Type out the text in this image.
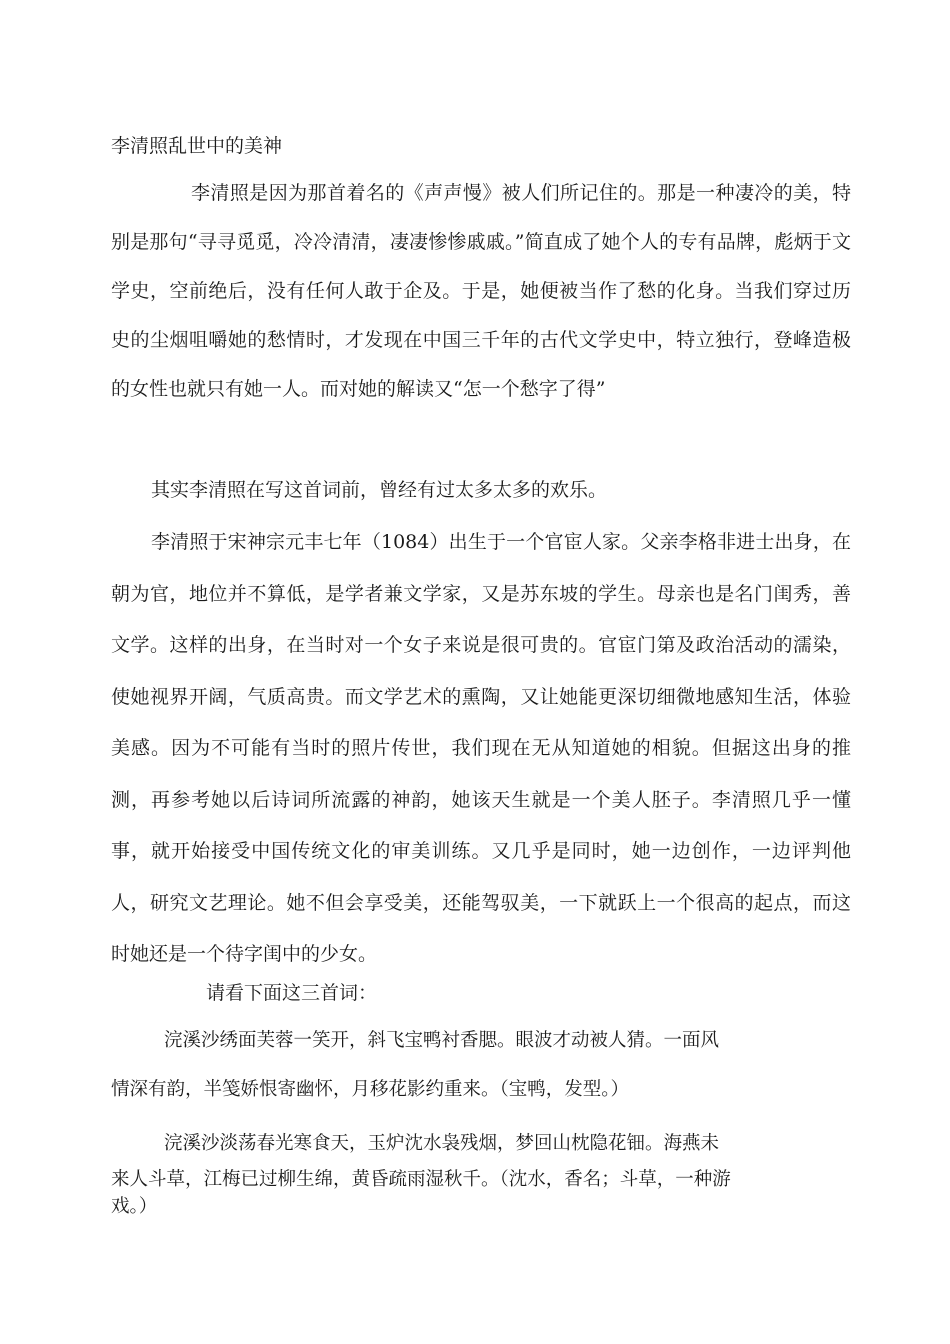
李清照乱世中的美神

李清照是因为那首着名的《声声慢》被人们所记住的。那是一种凄冷的美，特别是那句“寻寻觅觅，冷冷清清，凄凄惨惨戚戚。”简直成了她个人的专有品牌，彪炳于文学史，空前绝后，没有任何人敢于企及。于是，她便被当作了愁的化身。当我们穿过历史的尘烟咀嚼她的愁情时，才发现在中国三千年的古代文学史中，特立独行，登峰造极的女性也就只有她一人。而对她的解读又“怎一个愁字了得”

其实李清照在写这首词前，曾经有过太多太多的欢乐。

李清照于宋神宗元丰七年（1084）出生于一个官宦人家。父亲李格非进士出身，在朝为官，地位并不算低，是学者兼文学家，又是苏东坡的学生。母亲也是名门闺秀，善文学。这样的出身，在当时对一个女子来说是很可贵的。官宦门第及政治活动的濡染，使她视界开阔，气质高贵。而文学艺术的熏陶，又让她能更深切细微地感知生活，体验美感。因为不可能有当时的照片传世，我们现在无从知道她的相貌。但据这出身的推测，再参考她以后诗词所流露的神韵，她该天生就是一个美人胚子。李清照几乎一懂事，就开始接受中国传统文化的审美训练。又几乎是同时，她一边创作，一边评判他人，研究文艺理论。她不但会享受美，还能驾驭美，一下就跃上一个很高的起点，而这时她还是一个待字闺中的少女。

请看下面这三首词：

浣溪沙绣面芙蓉一笑开，斜飞宝鸭衬香腮。眼波才动被人猜。一面风
情深有韵，半笺娇恨寄幽怀，月移花影约重来。（宝鸭，发型。）
浣溪沙淡荡春光寒食天，玉炉沈水袅残烟，梦回山枕隐花钿。海燕未
来人斗草，江梅已过柳生绵，黄昏疏雨湿秋千。（沈水，香名；斗草，一种游
戏。）
